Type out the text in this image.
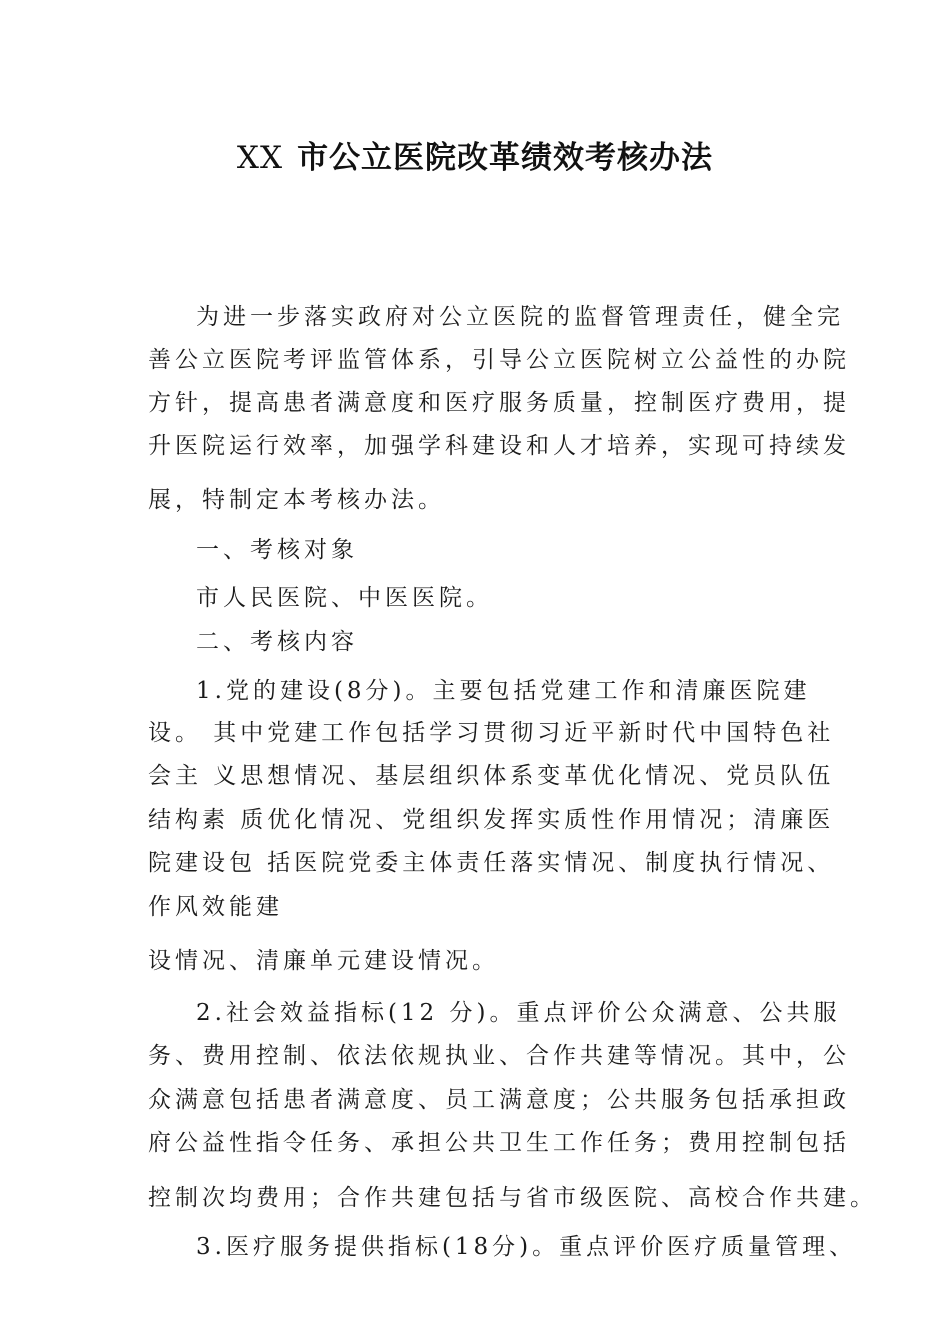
XX 市公立医院改革绩效考核办法
为进一步落实政府对公立医院的监督管理责任，健全完
善公立医院考评监管体系，引导公立医院树立公益性的办院
方针，提高患者满意度和医疗服务质量，控制医疗费用，提
升医院运行效率，加强学科建设和人才培养，实现可持续发
展，特制定本考核办法。
一、考核对象
市人民医院、中医医院。
二、考核内容
1.党的建设(8分)。主要包括党建工作和清廉医院建
设。 其中党建工作包括学习贯彻习近平新时代中国特色社
会主 义思想情况、基层组织体系变革优化情况、党员队伍
结构素 质优化情况、党组织发挥实质性作用情况；清廉医
院建设包 括医院党委主体责任落实情况、制度执行情况、
作风效能建
设情况、清廉单元建设情况。
2.社会效益指标(12 分)。重点评价公众满意、公共服
务、费用控制、依法依规执业、合作共建等情况。其中，公
众满意包括患者满意度、员工满意度；公共服务包括承担政
府公益性指令任务、承担公共卫生工作任务；费用控制包括
控制次均费用；合作共建包括与省市级医院、高校合作共建。
3.医疗服务提供指标(18分)。重点评价医疗质量管理、
